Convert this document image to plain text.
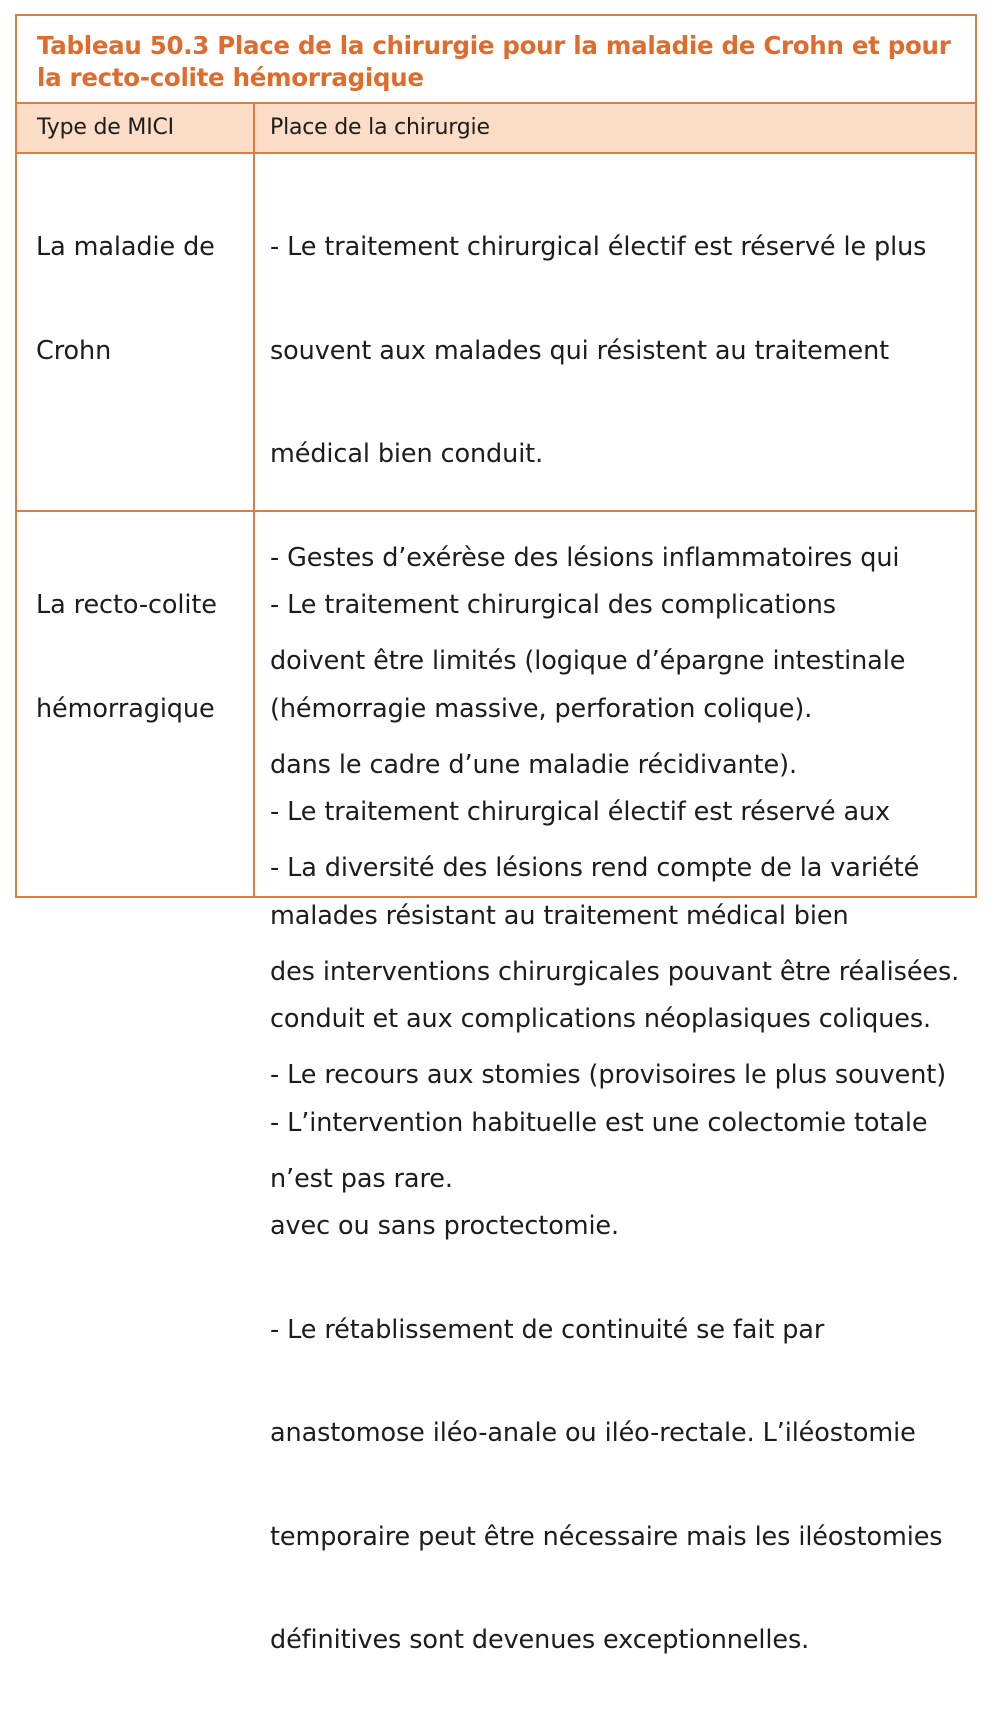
Tableau 50.3 Place de la chirurgie pour la maladie de Crohn et pour
la recto-colite hémorragique
Type de MICI	Place de la chirurgie

La maladie de

Crohn

- Le traitement chirurgical électif est réservé le plus

souvent aux malades qui résistent au traitement

médical bien conduit.

- Gestes d’exérèse des lésions inflammatoires qui

doivent être limités (logique d’épargne intestinale

dans le cadre d’une maladie récidivante).

- La diversité des lésions rend compte de la variété

des interventions chirurgicales pouvant être réalisées.

- Le recours aux stomies (provisoires le plus souvent)

n’est pas rare.

La recto-colite

hémorragique

- Le traitement chirurgical des complications

(hémorragie massive, perforation colique).

- Le traitement chirurgical électif est réservé aux

malades résistant au traitement médical bien

conduit et aux complications néoplasiques coliques.

- L’intervention habituelle est une colectomie totale

avec ou sans proctectomie.

- Le rétablissement de continuité se fait par

anastomose iléo-anale ou iléo-rectale. L’iléostomie

temporaire peut être nécessaire mais les iléostomies

définitives sont devenues exceptionnelles.
